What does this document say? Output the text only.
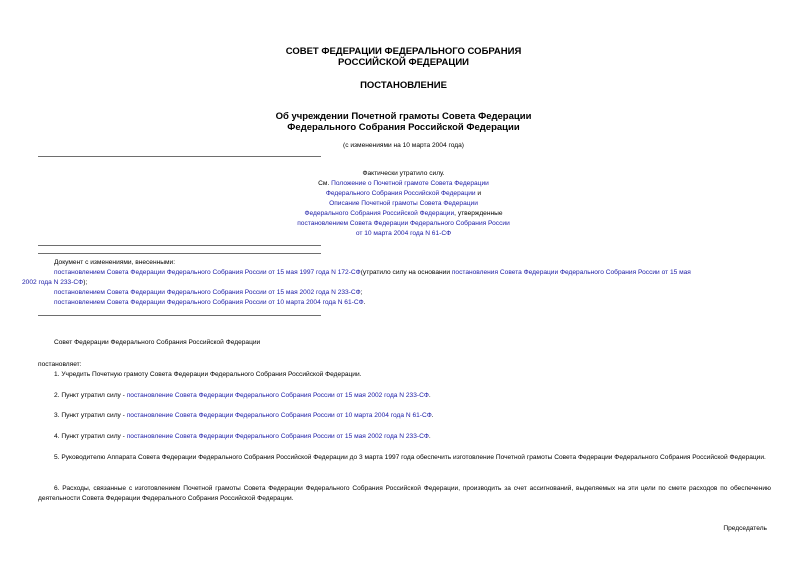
СОВЕТ ФЕДЕРАЦИИ ФЕДЕРАЛЬНОГО СОБРАНИЯ
РОССИЙСКОЙ ФЕДЕРАЦИИ
ПОСТАНОВЛЕНИЕ
Об учреждении Почетной грамоты Совета Федерации
Федерального Собрания Российской Федерации
(с изменениями на 10 марта 2004 года)
Фактически утратило силу.
См. Положение о Почетной грамоте Совета Федерации
Федерального Собрания Российской Федерации и
Описание Почетной грамоты Совета Федерации
Федерального Собрания Российской Федерации, утвержденные
постановлением Совета Федерации Федерального Собрания России
от 10 марта 2004 года N 61-СФ
Документ с изменениями, внесенными:
постановлением Совета Федерации Федерального Собрания России от 15 мая 1997 года N 172-СФ(утратило силу на основании постановления Совета Федерации Федерального Собрания России от 15 мая
2002 года N 233-СФ);
постановлением Совета Федерации Федерального Собрания России от 15 мая 2002 года N 233-СФ;
постановлением Совета Федерации Федерального Собрания России от 10 марта 2004 года N 61-СФ.
Совет Федерации Федерального Собрания Российской Федерации
постановляет:
1. Учредить Почетную грамоту Совета Федерации Федерального Собрания Российской Федерации.
2. Пункт утратил силу - постановление Совета Федерации Федерального Собрания России от 15 мая 2002 года N 233-СФ.
3. Пункт утратил силу - постановление Совета Федерации Федерального Собрания России от 10 марта 2004 года N 61-СФ.
4. Пункт утратил силу - постановление Совета Федерации Федерального Собрания России от 15 мая 2002 года N 233-СФ.
5. Руководителю Аппарата Совета Федерации Федерального Собрания Российской Федерации до 3 марта 1997 года обеспечить изготовление Почетной грамоты Совета Федерации Федерального Собрания Российской Федерации.
6. Расходы, связанные с изготовлением Почетной грамоты Совета Федерации Федерального Собрания Российской Федерации, производить за счет ассигнований, выделяемых на эти цели по смете расходов по обеспечению деятельности Совета Федерации Федерального Собрания Российской Федерации.
Председатель
